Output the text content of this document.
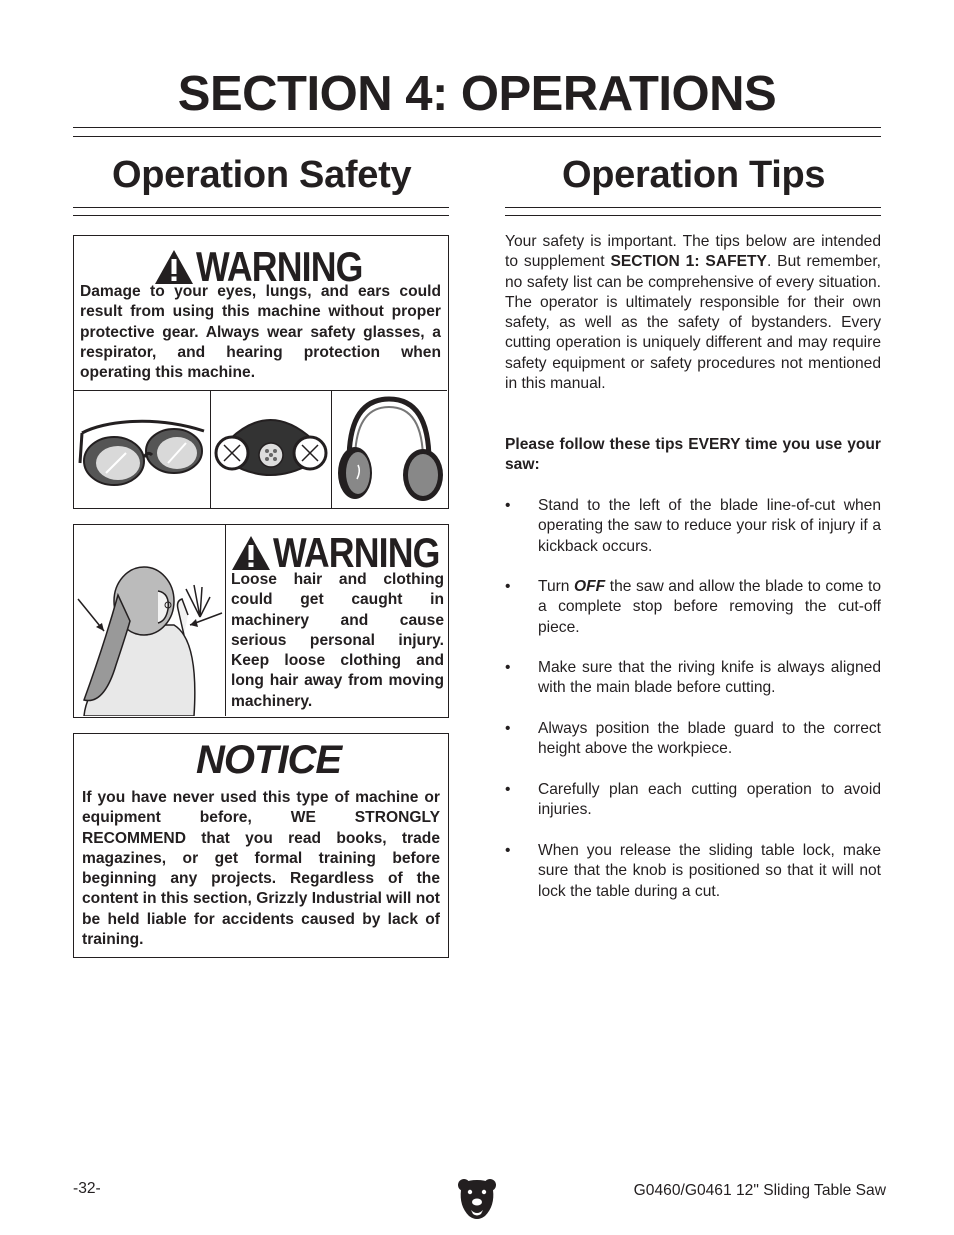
SECTION 4: OPERATIONS
Operation Safety	Operation Tips
WARNING
Damage to your eyes, lungs, and ears could result from using this machine without proper protective gear. Always wear safety glasses, a respirator, and hearing protection when operating this machine.
WARNING
Loose hair and clothing could get caught in machinery and cause serious personal injury. Keep loose clothing and long hair away from moving machinery.
NOTICE
If you have never used this type of machine or equipment before, WE STRONGLY RECOMMEND that you read books, trade magazines, or get formal training before beginning any projects. Regardless of the content in this section, Grizzly Industrial will not be held liable for accidents caused by lack of training.
Your safety is important. The tips below are intended to supplement SECTION 1: SAFETY. But remember, no safety list can be comprehensive of every situation. The operator is ultimately responsible for their own safety, as well as the safety of bystanders. Every cutting operation is uniquely different and may require safety equipment or safety procedures not mentioned in this manual.
Please follow these tips EVERY time you use your saw:
• Stand to the left of the blade line-of-cut when operating the saw to reduce your risk of injury if a kickback occurs.
• Turn OFF the saw and allow the blade to come to a complete stop before removing the cut-off piece.
• Make sure that the riving knife is always aligned with the main blade before cutting.
• Always position the blade guard to the correct height above the workpiece.
• Carefully plan each cutting operation to avoid injuries.
• When you release the sliding table lock, make sure that the knob is positioned so that it will not lock the table during a cut.
-32-	G0460/G0461 12" Sliding Table Saw
